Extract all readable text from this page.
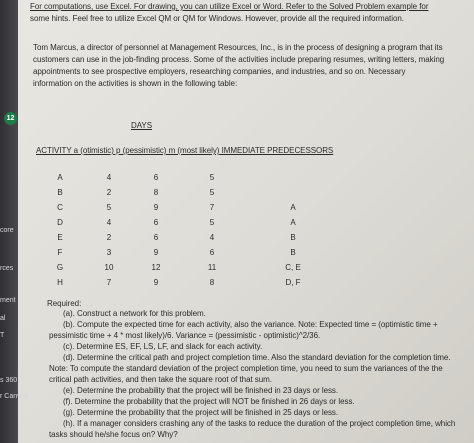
core
rces
ment
al
T
s 360
r Canvas
12
For computations, use Excel. For drawing, you can utilize Excel or Word. Refer to the Solved Problem example for
some hints. Feel free to utilize Excel QM or QM for Windows. However, provide all the required information.
Tom Marcus, a director of personnel at Management Resources, Inc., is in the process of designing a program that its
customers can use in the job-finding process. Some of the activities include preparing resumes, writing letters, making
appointments to see prospective employers, researching companies, and industries, and so on. Necessary
information on the activities is shown in the following table:
DAYS
ACTIVITY a (otimistic) p (pessimistic) m (most likely) IMMEDIATE PREDECESSORS
A	4	6	5
B	2	8	5
C	5	9	7	A
D	4	6	5	A
E	2	6	4	B
F	3	9	6	B
G	10	12	11	C, E
H	7	9	8	D, F
Required:
(a). Construct a network for this problem.
(b). Compute the expected time for each activity, also the variance. Note: Expected time = (optimistic time +
pessimistic time + 4 * most likely)/6. Variance = (pessimistic - optimistic)^2/36.
(c). Determine ES, EF, LS, LF, and slack for each activity.
(d). Determine the critical path and project completion time. Also the standard deviation for the completion time.
Note: To compute the standard deviation of the project completion time, you need to sum the variances of the the
critical path activities, and then take the square root of that sum.
(e). Determine the probability that the project will be finished in 23 days or less.
(f). Determine the probability that the project will NOT be finished in 26 days or less.
(g). Determine the probability that the project will be finished in 25 days or less.
(h). If a manager considers crashing any of the tasks to reduce the duration of the project completion time, which
tasks should he/she focus on? Why?
